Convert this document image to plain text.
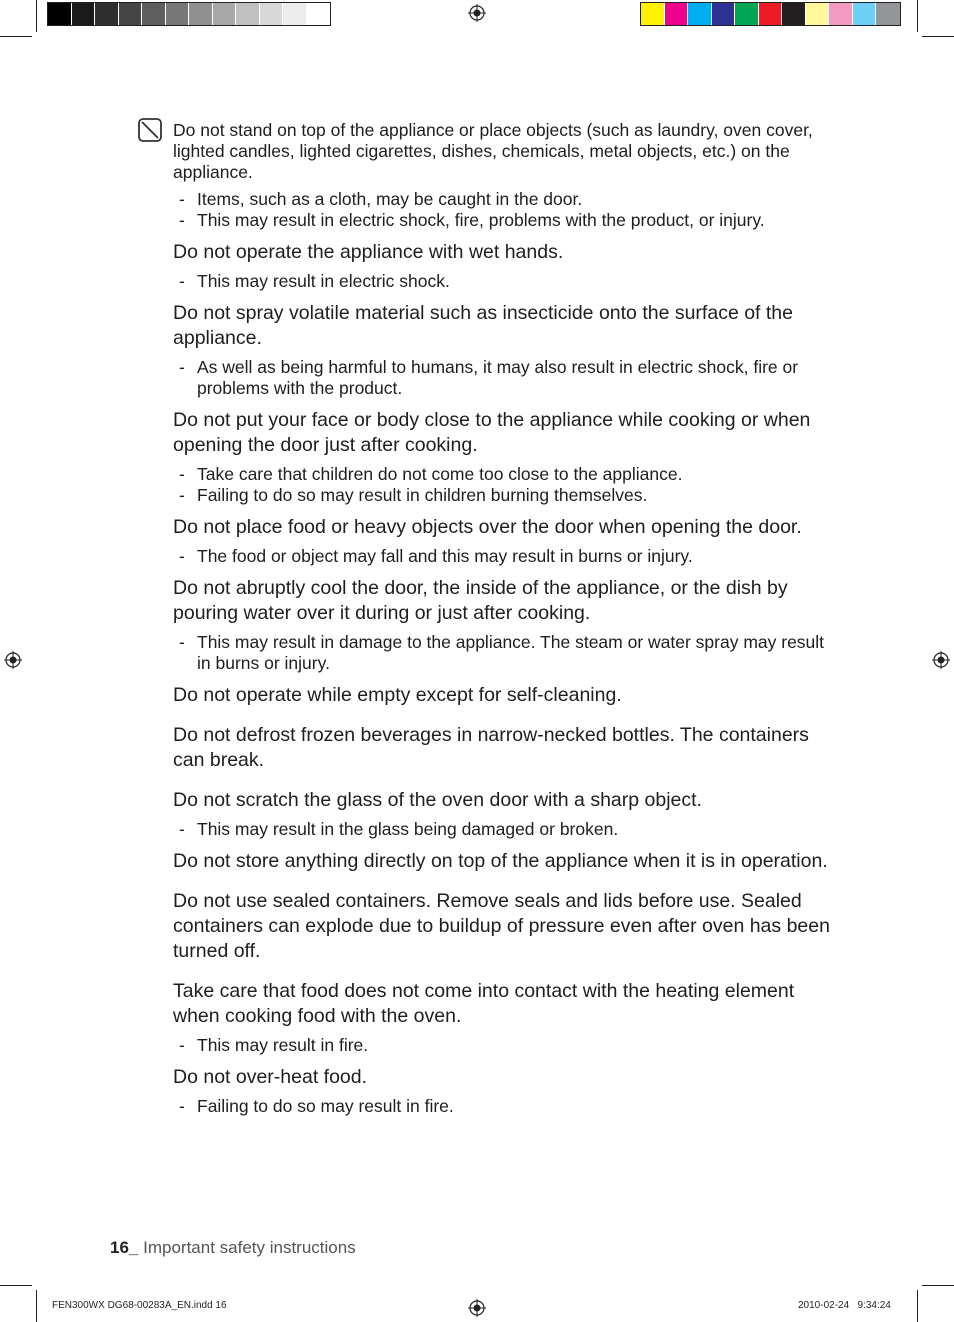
Do not stand on top of the appliance or place objects (such as laundry, oven cover, lighted candles, lighted cigarettes, dishes, chemicals, metal objects, etc.) on the appliance.

- Items, such as a cloth, may be caught in the door.
- This may result in electric shock, fire, problems with the product, or injury.

Do not operate the appliance with wet hands.

- This may result in electric shock.

Do not spray volatile material such as insecticide onto the surface of the appliance.

- As well as being harmful to humans, it may also result in electric shock, fire or problems with the product.

Do not put your face or body close to the appliance while cooking or when opening the door just after cooking.

- Take care that children do not come too close to the appliance.
- Failing to do so may result in children burning themselves.

Do not place food or heavy objects over the door when opening the door.

- The food or object may fall and this may result in burns or injury.

Do not abruptly cool the door, the inside of the appliance, or the dish by pouring water over it during or just after cooking.

- This may result in damage to the appliance. The steam or water spray may result in burns or injury.

Do not operate while empty except for self-cleaning.

Do not defrost frozen beverages in narrow-necked bottles. The containers can break.

Do not scratch the glass of the oven door with a sharp object.

- This may result in the glass being damaged or broken.

Do not store anything directly on top of the appliance when it is in operation.

Do not use sealed containers. Remove seals and lids before use. Sealed containers can explode due to buildup of pressure even after oven has been turned off.

Take care that food does not come into contact with the heating element when cooking food with the oven.

- This may result in fire.

Do not over-heat food.

- Failing to do so may result in fire.
16_ Important safety instructions
FEN300WX DG68-00283A_EN.indd 16	2010-02-24   9:34:24
